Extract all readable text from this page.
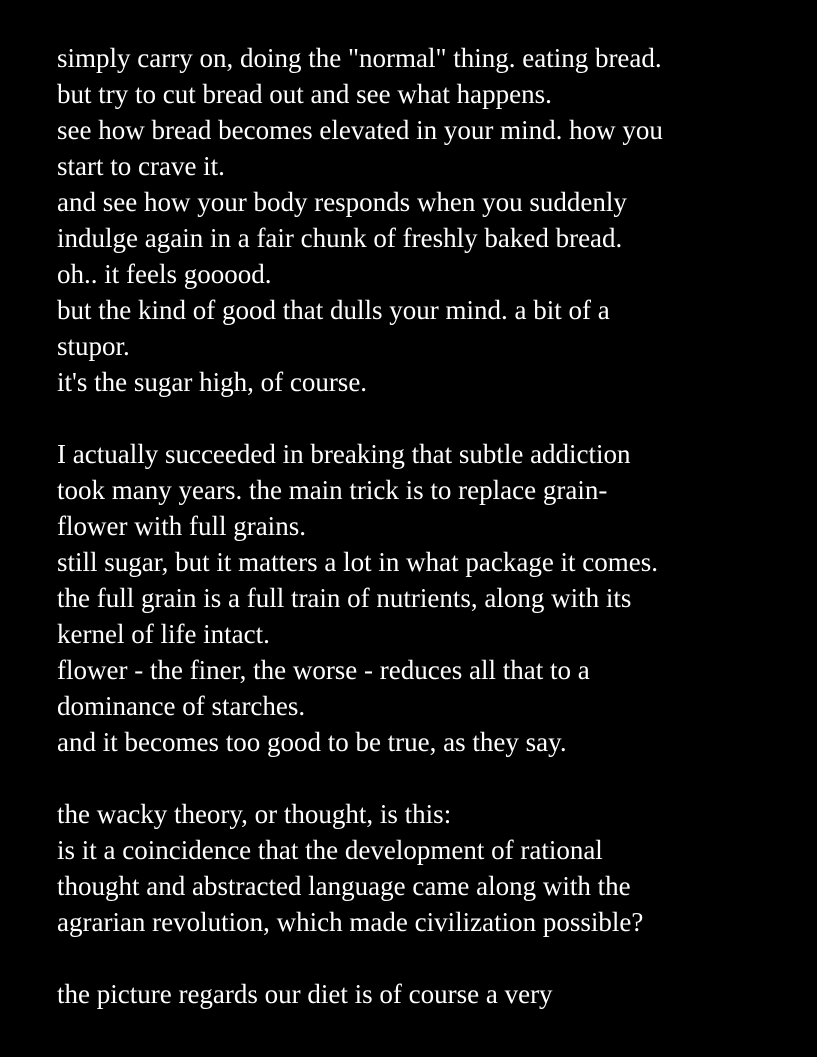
simply carry on, doing the "normal" thing. eating bread.
but try to cut bread out and see what happens.
see how bread becomes elevated in your mind. how you
start to crave it.
and see how your body responds when you suddenly
indulge again in a fair chunk of freshly baked bread.
oh.. it feels gooood.
but the kind of good that dulls your mind. a bit of a
stupor.
it's the sugar high, of course.
I actually succeeded in breaking that subtle addiction
took many years. the main trick is to replace grain-
flower with full grains.
still sugar, but it matters a lot in what package it comes.
the full grain is a full train of nutrients, along with its
kernel of life intact.
flower - the finer, the worse - reduces all that to a
dominance of starches.
and it becomes too good to be true, as they say.
the wacky theory, or thought, is this:
is it a coincidence that the development of rational
thought and abstracted language came along with the
agrarian revolution, which made civilization possible?
the picture regards our diet is of course a very
